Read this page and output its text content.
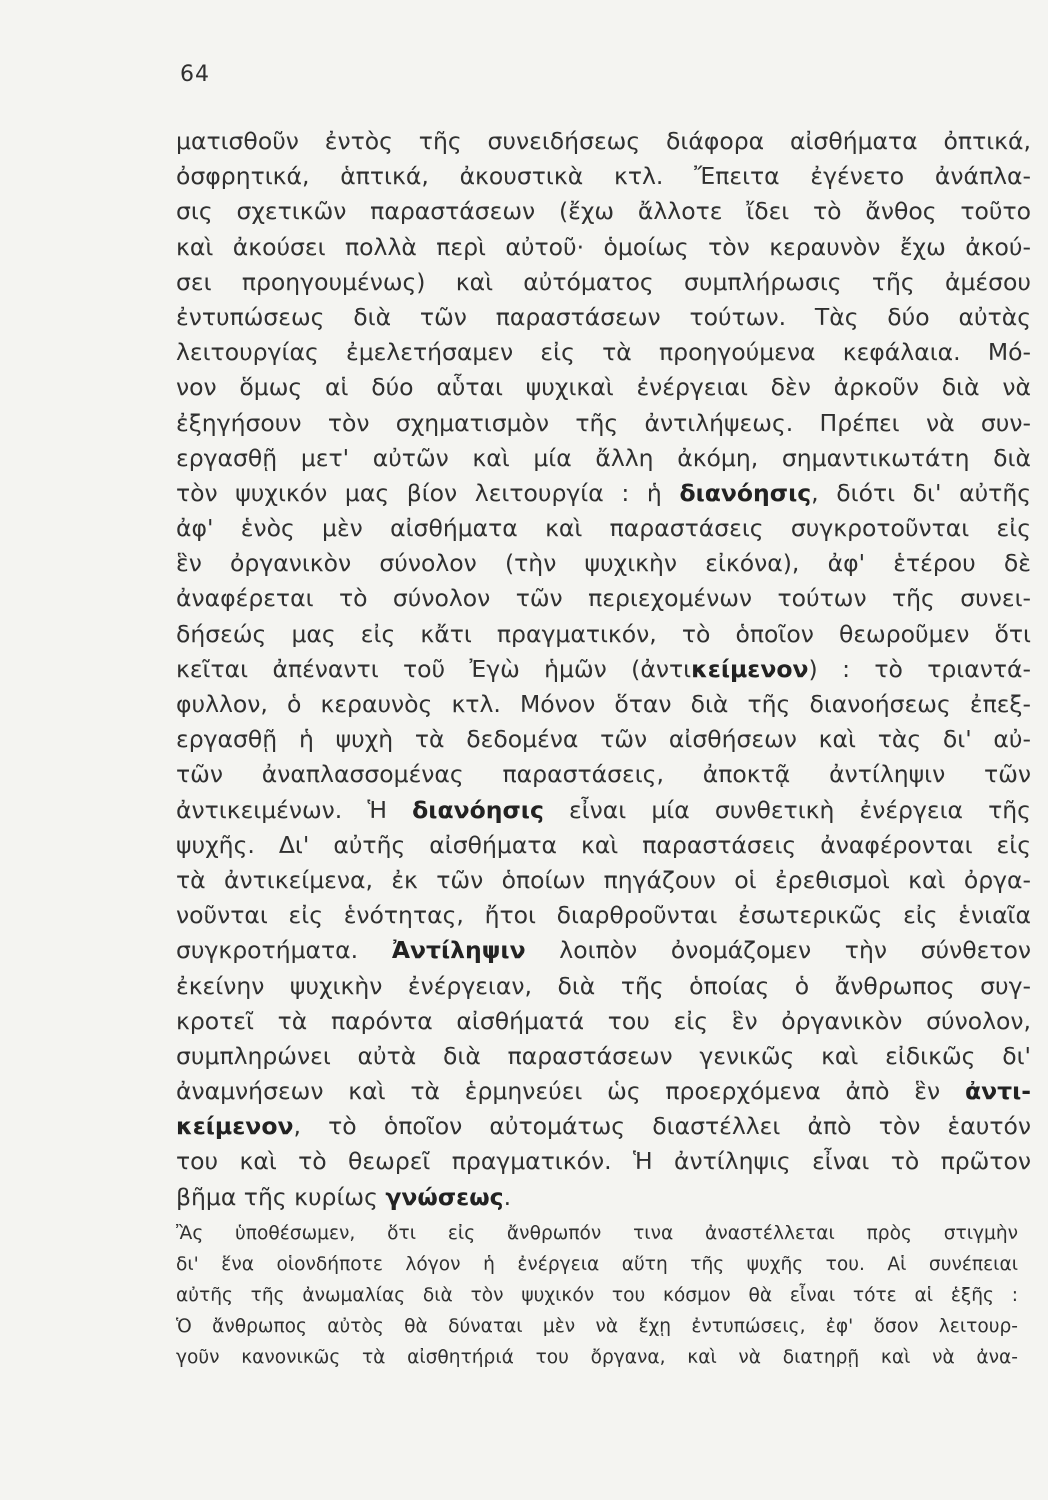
64
ματισθοῦν ἐντὸς τῆς συνειδήσεως διάφορα αἰσθήματα ὀπτικά,
ὀσφρητικά, ἁπτικά, ἀκουστικὰ κτλ. Ἔπειτα ἐγένετο ἀνάπλα-
σις σχετικῶν παραστάσεων (ἔχω ἄλλοτε ἴδει τὸ ἄνθος τοῦτο
καὶ ἀκούσει πολλὰ περὶ αὐτοῦ· ὁμοίως τὸν κεραυνὸν ἔχω ἀκού-
σει προηγουμένως) καὶ αὐτόματος συμπλήρωσις τῆς ἀμέσου
ἐντυπώσεως διὰ τῶν παραστάσεων τούτων. Τὰς δύο αὐτὰς
λειτουργίας ἐμελετήσαμεν εἰς τὰ προηγούμενα κεφάλαια. Μό-
νον ὅμως αἱ δύο αὗται ψυχικαὶ ἐνέργειαι δὲν ἀρκοῦν διὰ νὰ
ἐξηγήσουν τὸν σχηματισμὸν τῆς ἀντιλήψεως. Πρέπει νὰ συν-
εργασθῇ μετ' αὐτῶν καὶ μία ἄλλη ἀκόμη, σημαντικωτάτη διὰ
τὸν ψυχικόν μας βίον λειτουργία : ἡ διανόησις, διότι δι' αὐτῆς
ἀφ' ἑνὸς μὲν αἰσθήματα καὶ παραστάσεις συγκροτοῦνται εἰς
ἓν ὀργανικὸν σύνολον (τὴν ψυχικὴν εἰκόνα), ἀφ' ἑτέρου δὲ
ἀναφέρεται τὸ σύνολον τῶν περιεχομένων τούτων τῆς συνει-
δήσεώς μας εἰς κἄτι πραγματικόν, τὸ ὁποῖον θεωροῦμεν ὅτι
κεῖται ἀπέναντι τοῦ Ἐγὼ ἡμῶν (ἀντικείμενον) : τὸ τριαντά-
φυλλον, ὁ κεραυνὸς κτλ. Μόνον ὅταν διὰ τῆς διανοήσεως ἐπεξ-
εργασθῇ ἡ ψυχὴ τὰ δεδομένα τῶν αἰσθήσεων καὶ τὰς δι' αὐ-
τῶν ἀναπλασσομένας παραστάσεις, ἀποκτᾷ ἀντίληψιν τῶν
ἀντικειμένων. Ἡ διανόησις εἶναι μία συνθετικὴ ἐνέργεια τῆς
ψυχῆς. Δι' αὐτῆς αἰσθήματα καὶ παραστάσεις ἀναφέρονται εἰς
τὰ ἀντικείμενα, ἐκ τῶν ὁποίων πηγάζουν οἱ ἐρεθισμοὶ καὶ ὀργα-
νοῦνται εἰς ἑνότητας, ἤτοι διαρθροῦνται ἐσωτερικῶς εἰς ἑνιαῖα
συγκροτήματα. Ἀντίληψιν λοιπὸν ὀνομάζομεν τὴν σύνθετον
ἐκείνην ψυχικὴν ἐνέργειαν, διὰ τῆς ὁποίας ὁ ἄνθρωπος συγ-
κροτεῖ τὰ παρόντα αἰσθήματά του εἰς ἓν ὀργανικὸν σύνολον,
συμπληρώνει αὐτὰ διὰ παραστάσεων γενικῶς καὶ εἰδικῶς δι'
ἀναμνήσεων καὶ τὰ ἑρμηνεύει ὡς προερχόμενα ἀπὸ ἓν ἀντι-
κείμενον, τὸ ὁποῖον αὐτομάτως διαστέλλει ἀπὸ τὸν ἑαυτόν
του καὶ τὸ θεωρεῖ πραγματικόν. Ἡ ἀντίληψις εἶναι τὸ πρῶτον
βῆμα τῆς κυρίως γνώσεως.
Ἂς ὑποθέσωμεν, ὅτι εἰς ἄνθρωπόν τινα ἀναστέλλεται πρὸς στιγμὴν
δι' ἕνα οἱονδήποτε λόγον ἡ ἐνέργεια αὕτη τῆς ψυχῆς του. Αἱ συνέπειαι
αὐτῆς τῆς ἀνωμαλίας διὰ τὸν ψυχικόν του κόσμον θὰ εἶναι τότε αἱ ἑξῆς :
Ὁ ἄνθρωπος αὐτὸς θὰ δύναται μὲν νὰ ἔχῃ ἐντυπώσεις, ἐφ' ὅσον λειτουρ-
γοῦν κανονικῶς τὰ αἰσθητήριά του ὄργανα, καὶ νὰ διατηρῇ καὶ νὰ ἀνα-
